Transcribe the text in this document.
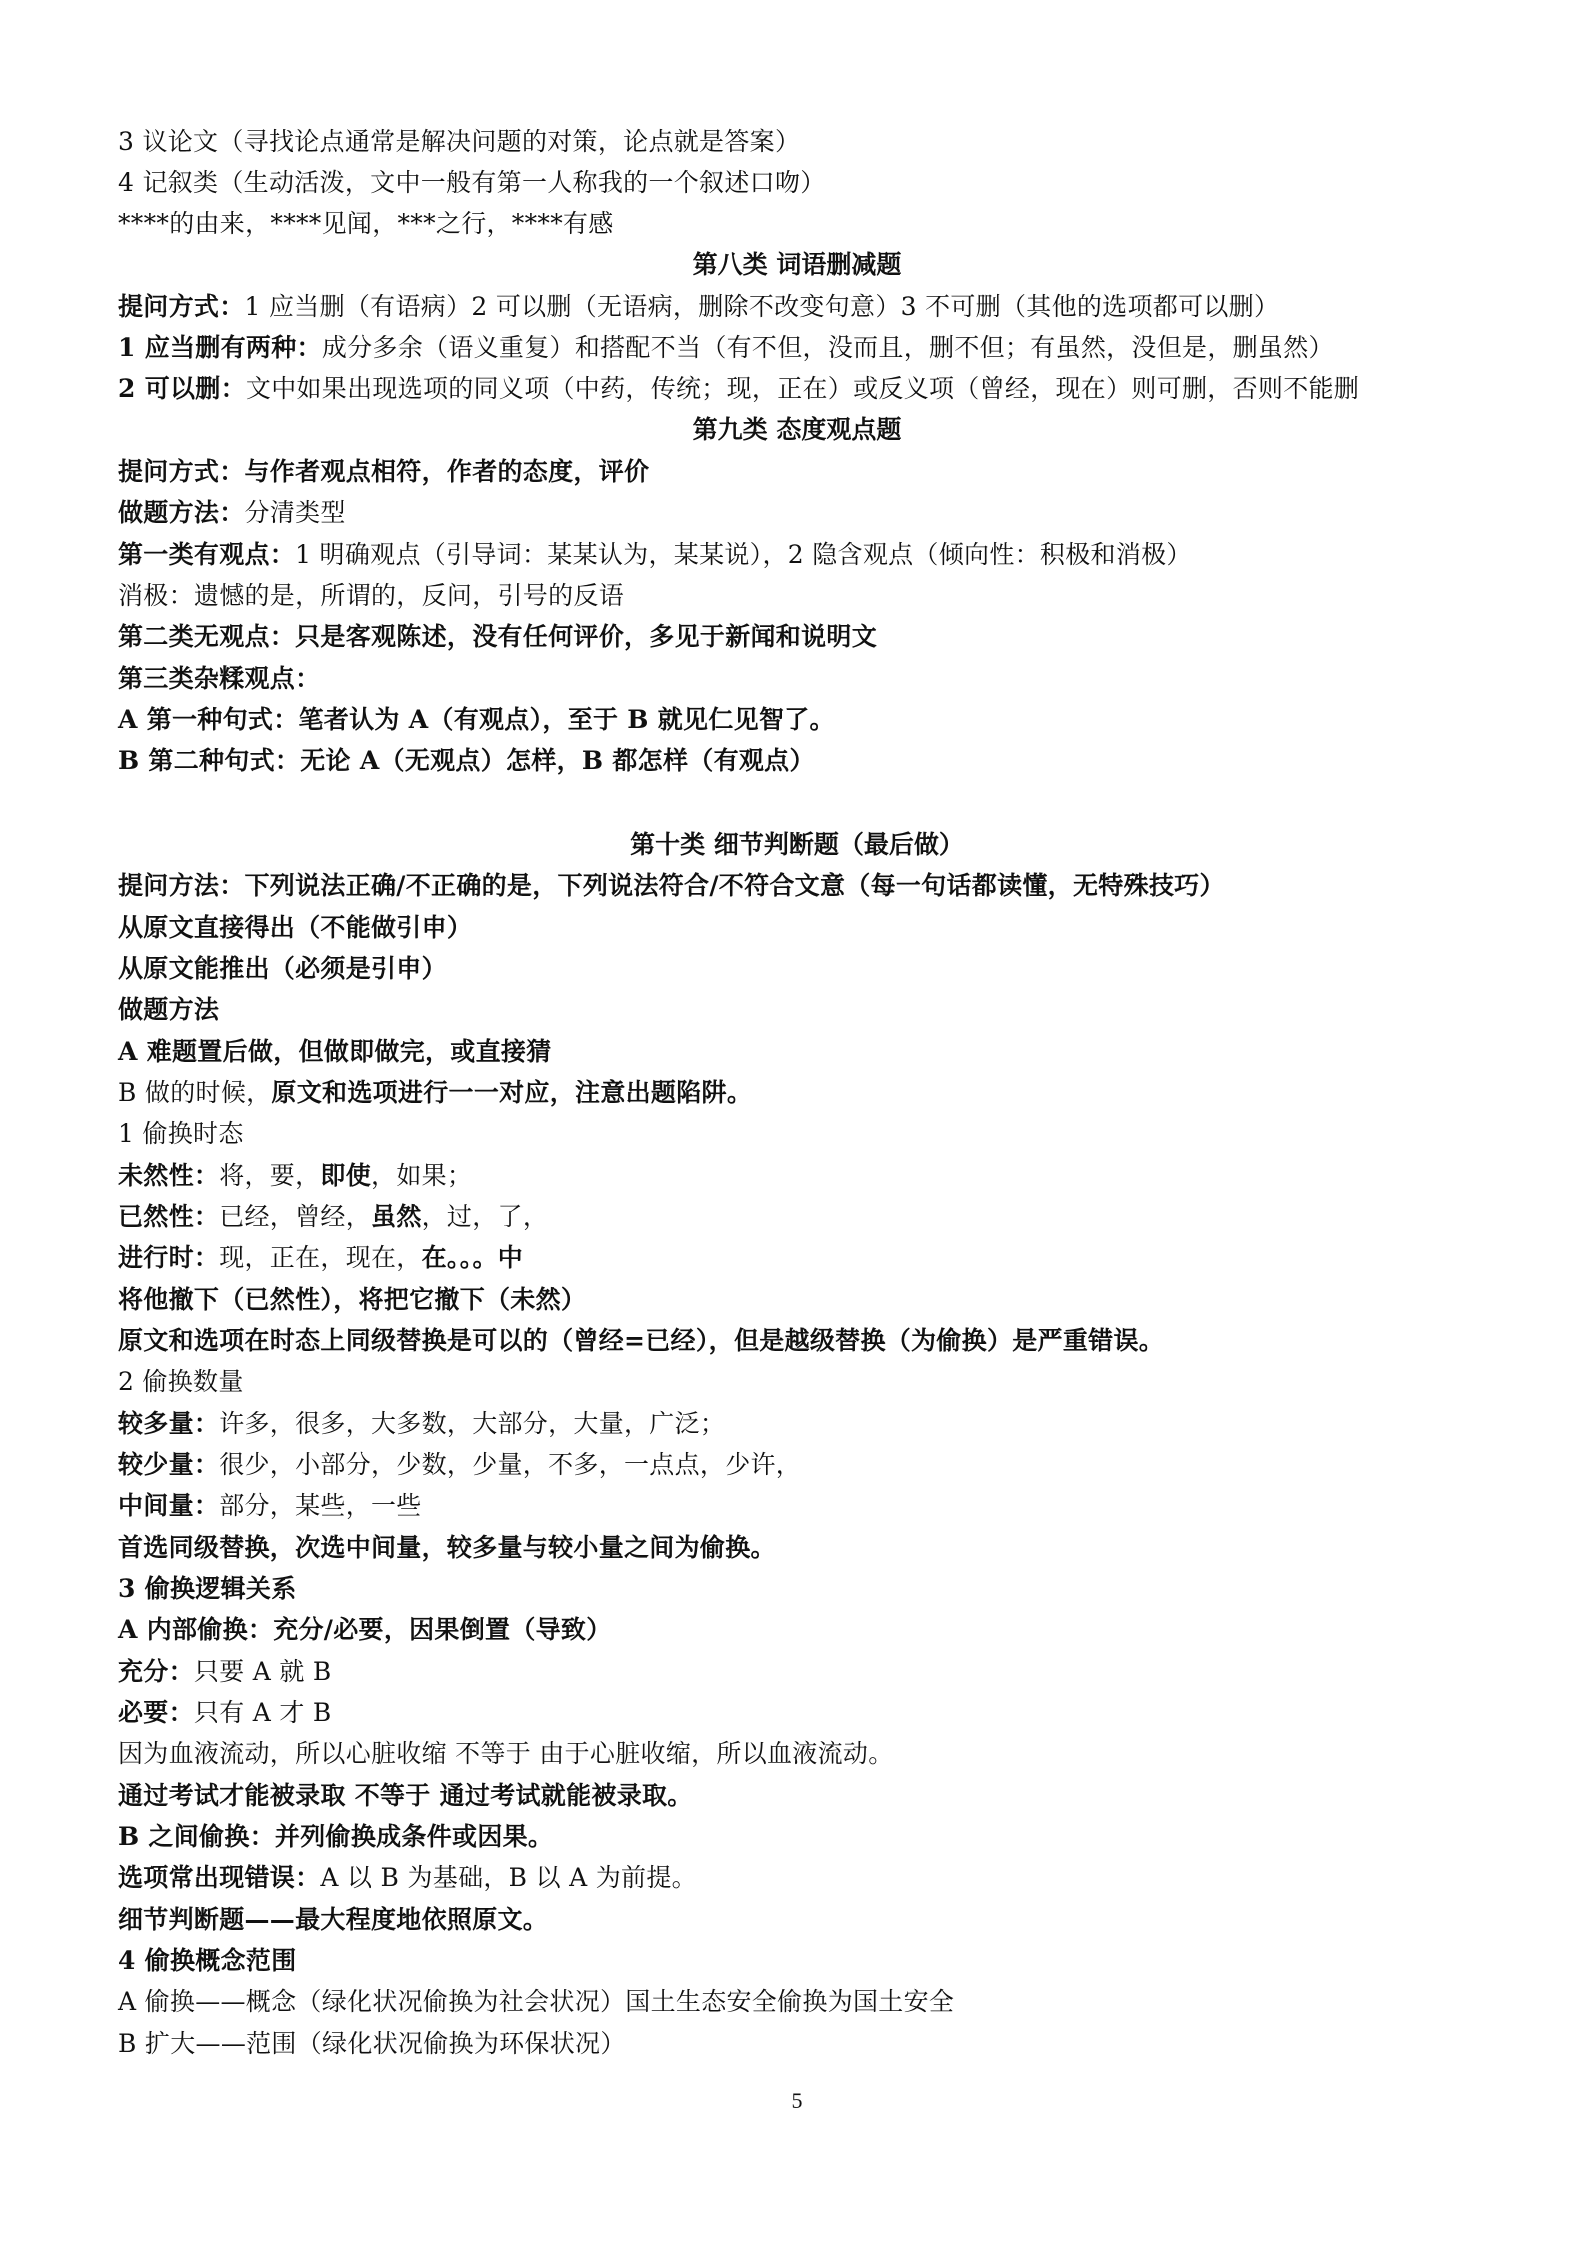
3 议论文（寻找论点通常是解决问题的对策，论点就是答案）
4 记叙类（生动活泼，文中一般有第一人称我的一个叙述口吻）
****的由来，****见闻，***之行，****有感
第八类 词语删减题
提问方式：1 应当删（有语病）2 可以删（无语病，删除不改变句意）3 不可删（其他的选项都可以删）
1 应当删有两种：成分多余（语义重复）和搭配不当（有不但，没而且，删不但；有虽然，没但是，删虽然）
2 可以删：文中如果出现选项的同义项（中药，传统；现，正在）或反义项（曾经，现在）则可删，否则不能删
第九类 态度观点题
提问方式：与作者观点相符，作者的态度，评价
做题方法：分清类型
第一类有观点：1 明确观点（引导词：某某认为，某某说），2 隐含观点（倾向性：积极和消极）
消极：遗憾的是，所谓的，反问，引号的反语
第二类无观点：只是客观陈述，没有任何评价，多见于新闻和说明文
第三类杂糅观点：
A 第一种句式：笔者认为 A（有观点），至于 B 就见仁见智了。
B 第二种句式：无论 A（无观点）怎样，B 都怎样（有观点）
第十类 细节判断题（最后做）
提问方法：下列说法正确/不正确的是，下列说法符合/不符合文意（每一句话都读懂，无特殊技巧）
从原文直接得出（不能做引申）
从原文能推出（必须是引申）
做题方法
A 难题置后做，但做即做完，或直接猜
B 做的时候，原文和选项进行一一对应，注意出题陷阱。
1 偷换时态
未然性：将，要，即使，如果；
已然性：已经，曾经，虽然，过，了，
进行时：现，正在，现在，在。。。中
将他撤下（已然性），将把它撤下（未然）
原文和选项在时态上同级替换是可以的（曾经=已经），但是越级替换（为偷换）是严重错误。
2 偷换数量
较多量：许多，很多，大多数，大部分，大量，广泛；
较少量：很少，小部分，少数，少量，不多，一点点，少许，
中间量：部分，某些，一些
首选同级替换，次选中间量，较多量与较小量之间为偷换。
3 偷换逻辑关系
A 内部偷换：充分/必要，因果倒置（导致）
充分：只要 A 就 B
必要：只有 A 才 B
因为血液流动，所以心脏收缩 不等于 由于心脏收缩，所以血液流动。
通过考试才能被录取 不等于 通过考试就能被录取。
B 之间偷换：并列偷换成条件或因果。
选项常出现错误：A 以 B 为基础，B 以 A 为前提。
细节判断题——最大程度地依照原文。
4 偷换概念范围
A 偷换——概念（绿化状况偷换为社会状况）国土生态安全偷换为国土安全
B 扩大——范围（绿化状况偷换为环保状况）
5
